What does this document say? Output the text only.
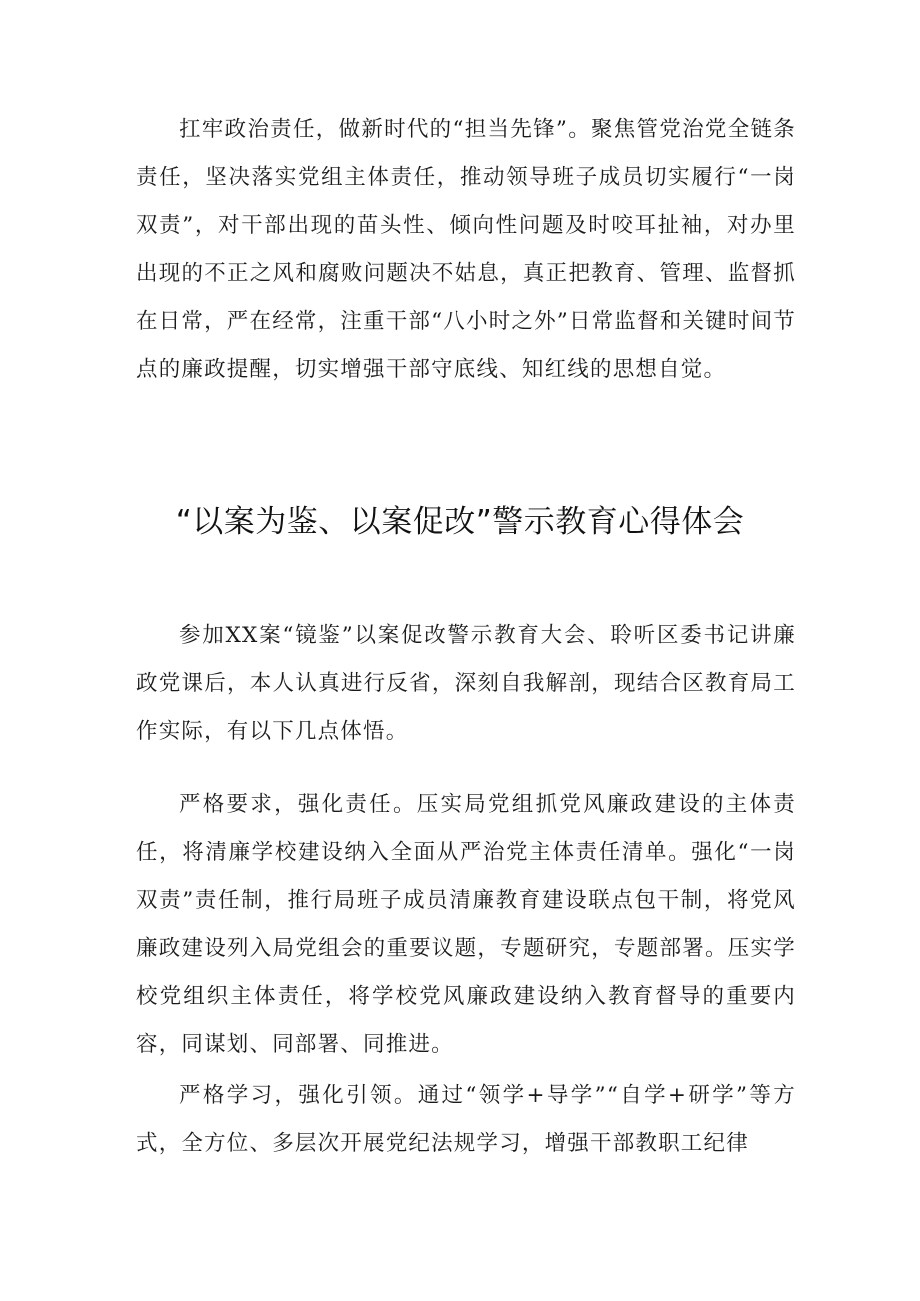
扛牢政治责任，做新时代的“担当先锋”。聚焦管党治党全链条责任，坚决落实党组主体责任，推动领导班子成员切实履行“一岗双责”，对干部出现的苗头性、倾向性问题及时咬耳扯袖，对办里出现的不正之风和腐败问题决不姑息，真正把教育、管理、监督抓在日常，严在经常，注重干部“八小时之外”日常监督和关键时间节点的廉政提醒，切实增强干部守底线、知红线的思想自觉。

“以案为鉴、以案促改”警示教育心得体会

参加XX案“镜鉴”以案促改警示教育大会、聆听区委书记讲廉政党课后，本人认真进行反省，深刻自我解剖，现结合区教育局工作实际，有以下几点体悟。

严格要求，强化责任。压实局党组抓党风廉政建设的主体责任，将清廉学校建设纳入全面从严治党主体责任清单。强化“一岗双责”责任制，推行局班子成员清廉教育建设联点包干制，将党风廉政建设列入局党组会的重要议题，专题研究，专题部署。压实学校党组织主体责任，将学校党风廉政建设纳入教育督导的重要内容，同谋划、同部署、同推进。

严格学习，强化引领。通过“领学+导学”“自学+研学”等方式，全方位、多层次开展党纪法规学习，增强干部教职工纪律
